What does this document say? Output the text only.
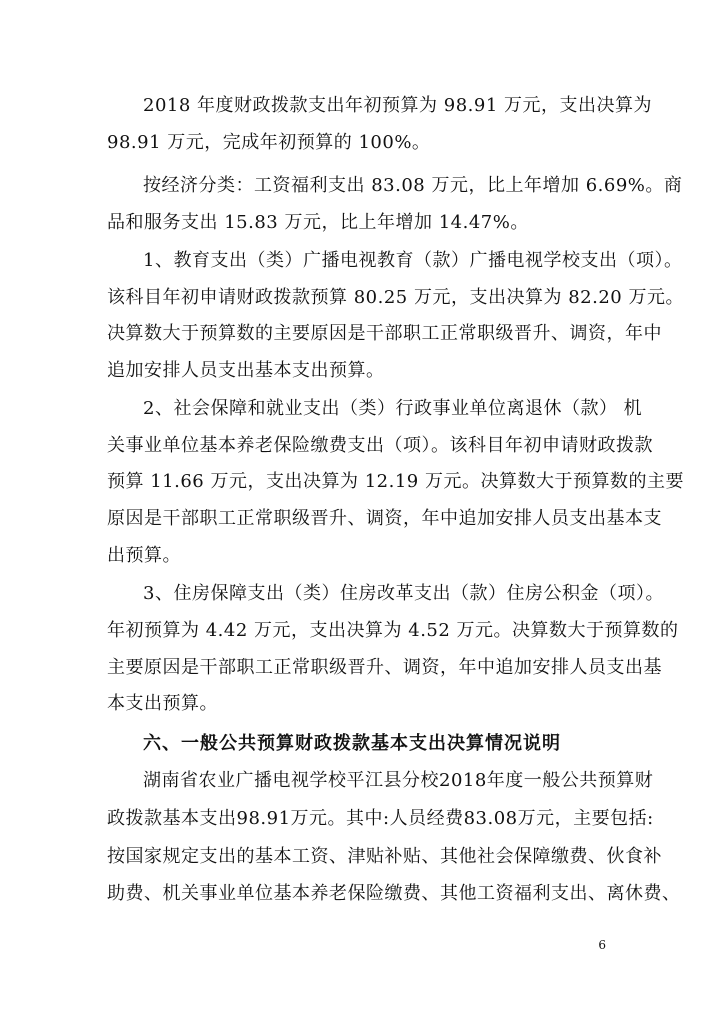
2018 年度财政拨款支出年初预算为 98.91 万元，支出决算为
98.91 万元，完成年初预算的 100%。
按经济分类：工资福利支出 83.08 万元，比上年增加 6.69%。商
品和服务支出 15.83 万元，比上年增加 14.47%。
1、教育支出（类）广播电视教育（款）广播电视学校支出（项）。
该科目年初申请财政拨款预算 80.25 万元，支出决算为 82.20 万元。
决算数大于预算数的主要原因是干部职工正常职级晋升、调资，年中
追加安排人员支出基本支出预算。
2、社会保障和就业支出（类）行政事业单位离退休（款） 机
关事业单位基本养老保险缴费支出（项）。该科目年初申请财政拨款
预算 11.66 万元，支出决算为 12.19 万元。决算数大于预算数的主要
原因是干部职工正常职级晋升、调资，年中追加安排人员支出基本支
出预算。
3、住房保障支出（类）住房改革支出（款）住房公积金（项）。
年初预算为 4.42 万元，支出决算为 4.52 万元。决算数大于预算数的
主要原因是干部职工正常职级晋升、调资，年中追加安排人员支出基
本支出预算。
六、一般公共预算财政拨款基本支出决算情况说明
湖南省农业广播电视学校平江县分校2018年度一般公共预算财
政拨款基本支出98.91万元。其中:人员经费83.08万元，主要包括:
按国家规定支出的基本工资、津贴补贴、其他社会保障缴费、伙食补
助费、机关事业单位基本养老保险缴费、其他工资福利支出、离休费、
6
